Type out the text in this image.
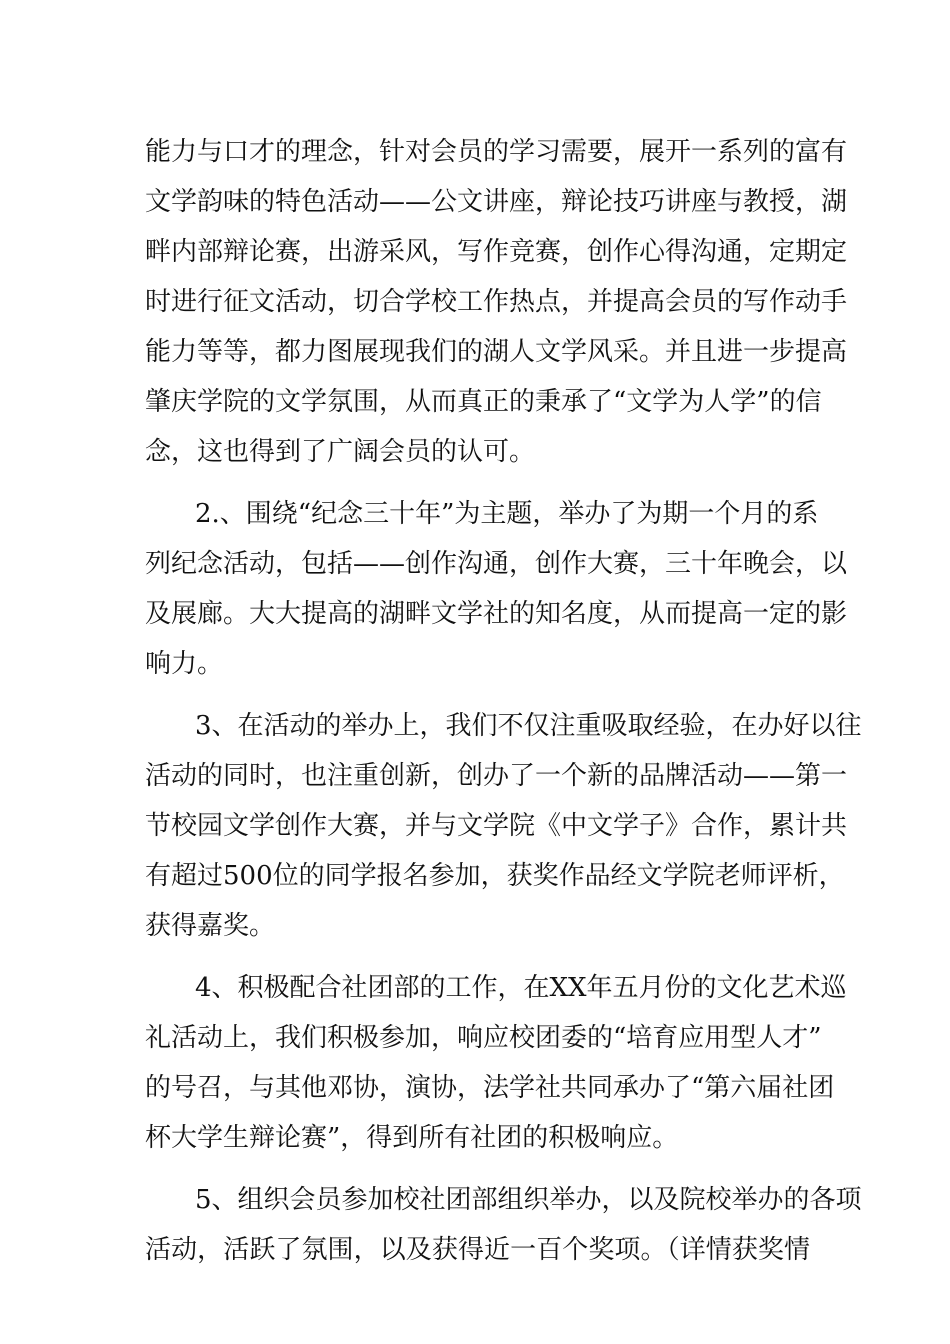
能力与口才的理念，针对会员的学习需要，展开一系列的富有
文学韵味的特色活动——公文讲座，辩论技巧讲座与教授，湖
畔内部辩论赛，出游采风，写作竞赛，创作心得沟通，定期定
时进行征文活动，切合学校工作热点，并提高会员的写作动手
能力等等，都力图展现我们的湖人文学风采。并且进一步提高
肇庆学院的文学氛围，从而真正的秉承了“文学为人学”的信
念，这也得到了广阔会员的认可。
2.、围绕“纪念三十年”为主题，举办了为期一个月的系
列纪念活动，包括——创作沟通，创作大赛，三十年晚会，以
及展廊。大大提高的湖畔文学社的知名度，从而提高一定的影
响力。
3、在活动的举办上，我们不仅注重吸取经验，在办好以往
活动的同时，也注重创新，创办了一个新的品牌活动——第一
节校园文学创作大赛，并与文学院《中文学子》合作，累计共
有超过500位的同学报名参加，获奖作品经文学院老师评析，
获得嘉奖。
4、积极配合社团部的工作，在XX年五月份的文化艺术巡
礼活动上，我们积极参加，响应校团委的“培育应用型人才”
的号召，与其他邓协，演协，法学社共同承办了“第六届社团
杯大学生辩论赛”，得到所有社团的积极响应。
5、组织会员参加校社团部组织举办，以及院校举办的各项
活动，活跃了氛围，以及获得近一百个奖项。（详情获奖情
